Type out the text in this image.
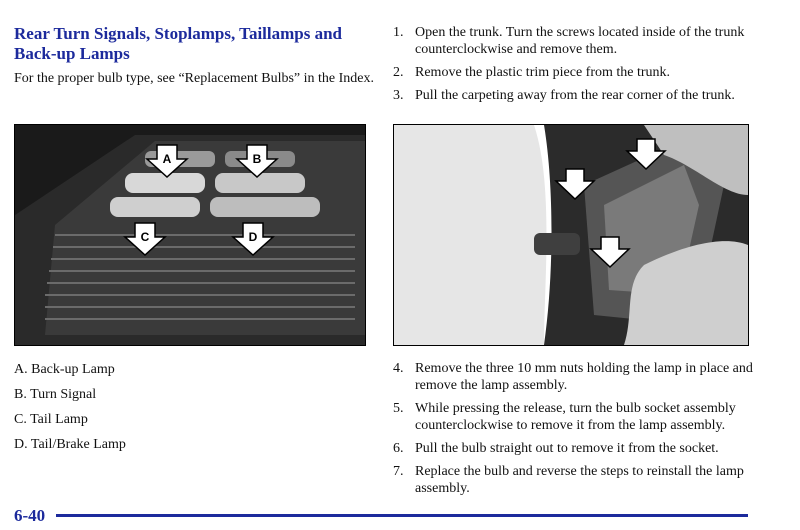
Rear Turn Signals, Stoplamps, Taillamps and Back-up Lamps
For the proper bulb type, see “Replacement Bulbs” in the Index.
A	B
C	D
A. Back-up Lamp
B. Turn Signal
C. Tail Lamp
D. Tail/Brake Lamp
1. Open the trunk. Turn the screws located inside of the trunk counterclockwise and remove them.
2. Remove the plastic trim piece from the trunk.
3. Pull the carpeting away from the rear corner of the trunk.
4. Remove the three 10 mm nuts holding the lamp in place and remove the lamp assembly.
5. While pressing the release, turn the bulb socket assembly counterclockwise to remove it from the lamp assembly.
6. Pull the bulb straight out to remove it from the socket.
7. Replace the bulb and reverse the steps to reinstall the lamp assembly.
6-40
